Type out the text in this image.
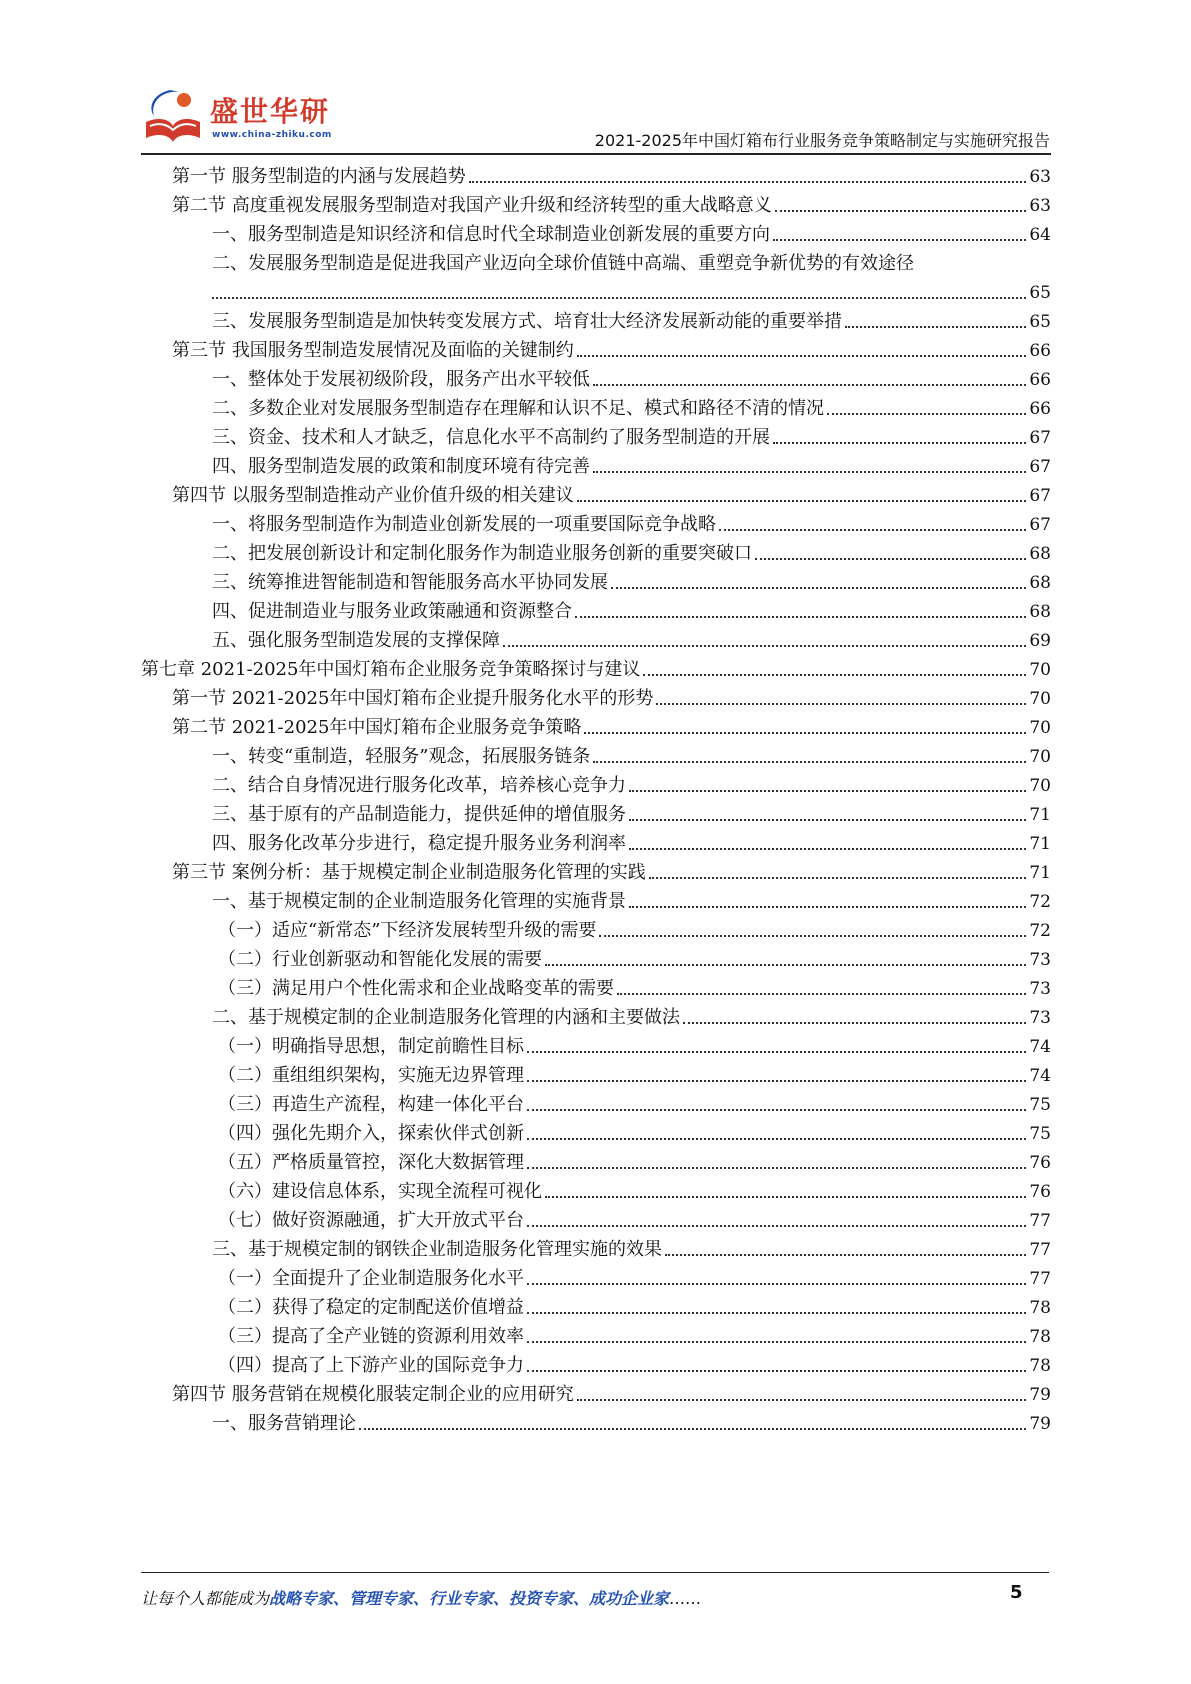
盛世华研
www.china-zhiku.com	2021-2025年中国灯箱布行业服务竞争策略制定与实施研究报告
第一节 服务型制造的内涵与发展趋势	63
第二节 高度重视发展服务型制造对我国产业升级和经济转型的重大战略意义	63
一、服务型制造是知识经济和信息时代全球制造业创新发展的重要方向	64
二、发展服务型制造是促进我国产业迈向全球价值链中高端、重塑竞争新优势的有效途径
65
三、发展服务型制造是加快转变发展方式、培育壮大经济发展新动能的重要举措	65
第三节 我国服务型制造发展情况及面临的关键制约	66
一、整体处于发展初级阶段，服务产出水平较低	66
二、多数企业对发展服务型制造存在理解和认识不足、模式和路径不清的情况	66
三、资金、技术和人才缺乏，信息化水平不高制约了服务型制造的开展	67
四、服务型制造发展的政策和制度环境有待完善	67
第四节 以服务型制造推动产业价值升级的相关建议	67
一、将服务型制造作为制造业创新发展的一项重要国际竞争战略	67
二、把发展创新设计和定制化服务作为制造业服务创新的重要突破口	68
三、统筹推进智能制造和智能服务高水平协同发展	68
四、促进制造业与服务业政策融通和资源整合	68
五、强化服务型制造发展的支撑保障	69
第七章 2021-2025年中国灯箱布企业服务竞争策略探讨与建议	70
第一节 2021-2025年中国灯箱布企业提升服务化水平的形势	70
第二节 2021-2025年中国灯箱布企业服务竞争策略	70
一、转变“重制造，轻服务”观念，拓展服务链条	70
二、结合自身情况进行服务化改革，培养核心竞争力	70
三、基于原有的产品制造能力，提供延伸的增值服务	71
四、服务化改革分步进行，稳定提升服务业务利润率	71
第三节 案例分析：基于规模定制企业制造服务化管理的实践	71
一、基于规模定制的企业制造服务化管理的实施背景	72
（一）适应“新常态”下经济发展转型升级的需要	72
（二）行业创新驱动和智能化发展的需要	73
（三）满足用户个性化需求和企业战略变革的需要	73
二、基于规模定制的企业制造服务化管理的内涵和主要做法	73
（一）明确指导思想，制定前瞻性目标	74
（二）重组组织架构，实施无边界管理	74
（三）再造生产流程，构建一体化平台	75
（四）强化先期介入，探索伙伴式创新	75
（五）严格质量管控，深化大数据管理	76
（六）建设信息体系，实现全流程可视化	76
（七）做好资源融通，扩大开放式平台	77
三、基于规模定制的钢铁企业制造服务化管理实施的效果	77
（一）全面提升了企业制造服务化水平	77
（二）获得了稳定的定制配送价值增益	78
（三）提高了全产业链的资源利用效率	78
（四）提高了上下游产业的国际竞争力	78
第四节 服务营销在规模化服装定制企业的应用研究	79
一、服务营销理论	79
让每个人都能成为战略专家、管理专家、行业专家、投资专家、成功企业家……	5
